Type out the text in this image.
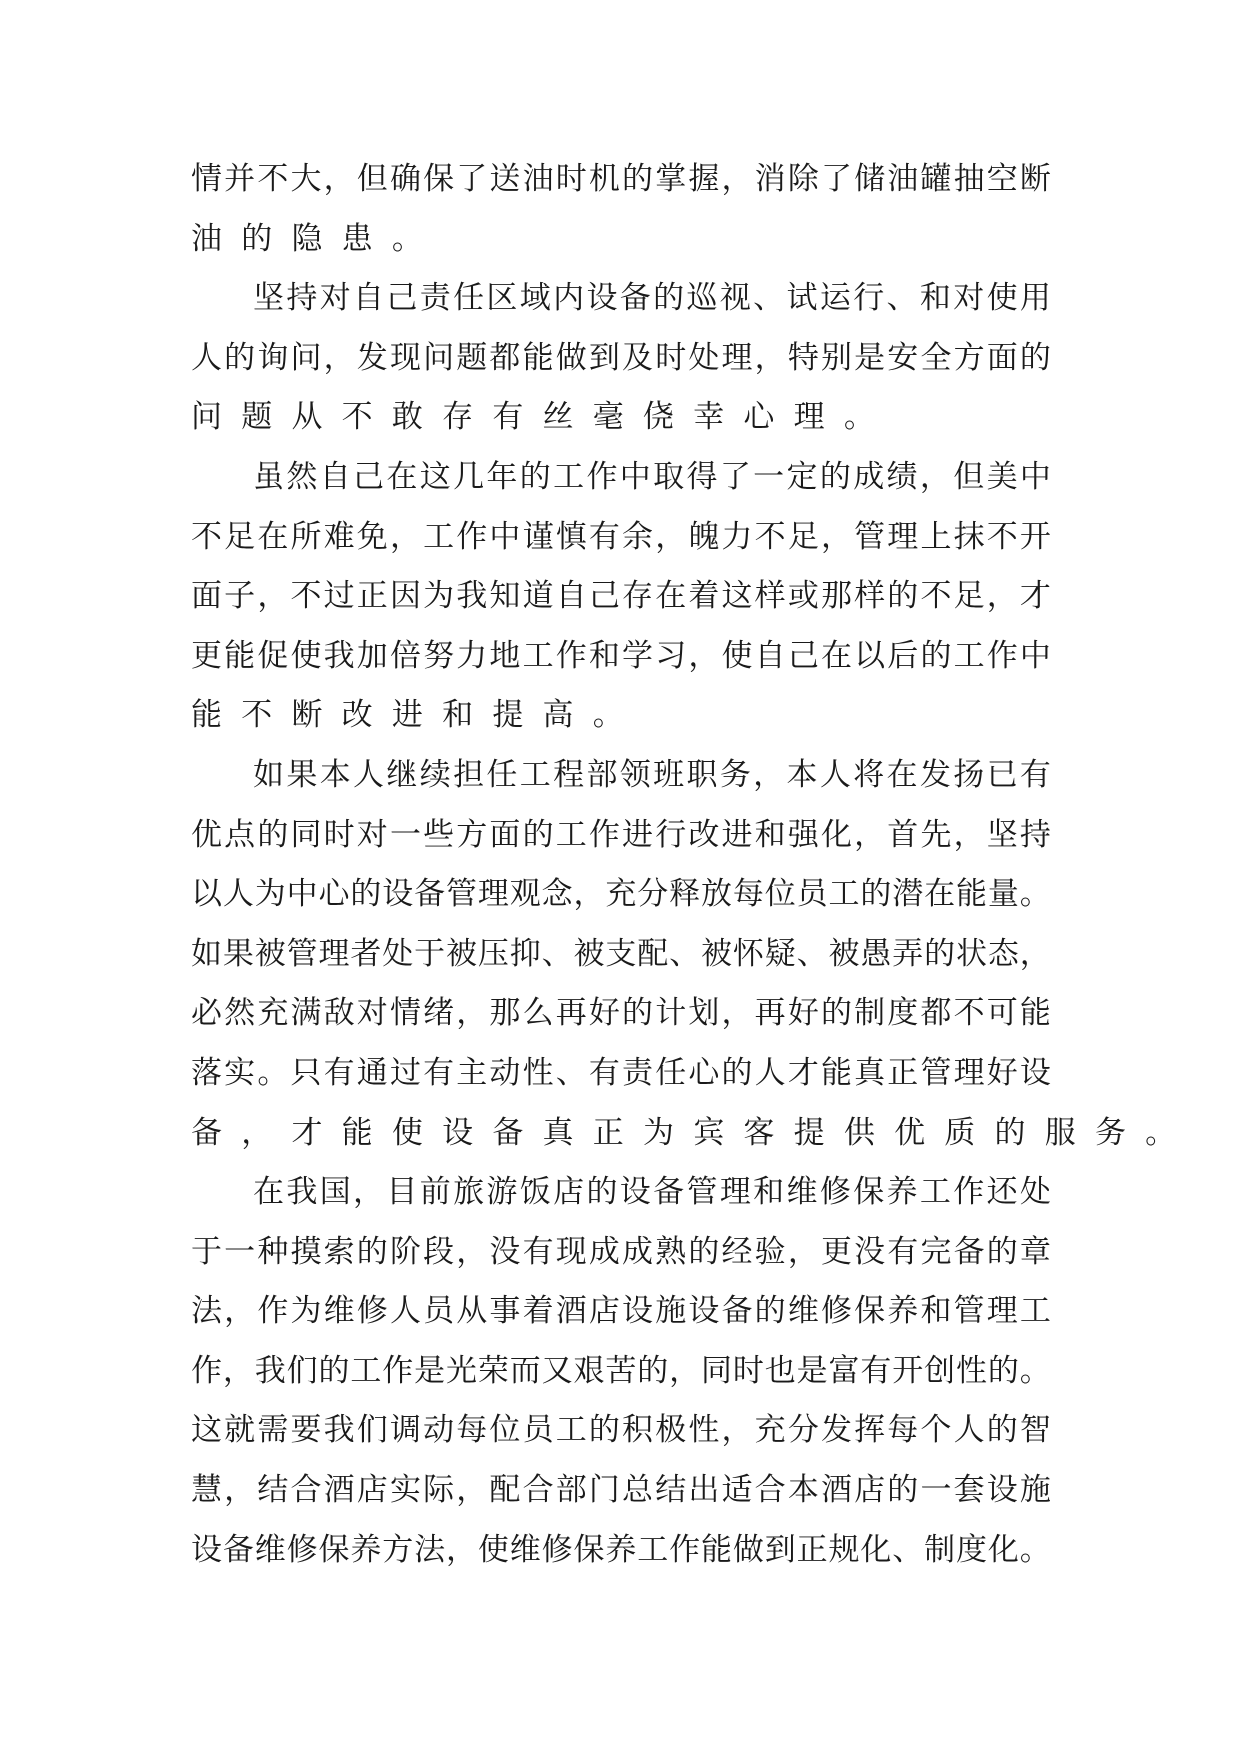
情 并 不 大 ， 但 确 保 了 送 油 时 机 的 掌 握 ， 消 除 了 储 油 罐 抽 空 断
油 的 隐 患 。
坚 持 对 自 己 责 任 区 域 内 设 备 的 巡 视 、 试 运 行 、 和 对 使 用
人 的 询 问 ， 发 现 问 题 都 能 做 到 及 时 处 理 ， 特 别 是 安 全 方 面 的
问 题 从 不 敢 存 有 丝 毫 侥 幸 心 理 。
虽 然 自 己 在 这 几 年 的 工 作 中 取 得 了 一 定 的 成 绩 ， 但 美 中
不 足 在 所 难 免 ， 工 作 中 谨 慎 有 余 ， 魄 力 不 足 ， 管 理 上 抹 不 开
面 子 ， 不 过 正 因 为 我 知 道 自 己 存 在 着 这 样 或 那 样 的 不 足 ， 才
更 能 促 使 我 加 倍 努 力 地 工 作 和 学 习 ， 使 自 己 在 以 后 的 工 作 中
能 不 断 改 进 和 提 高 。
如 果 本 人 继 续 担 任 工 程 部 领 班 职 务 ， 本 人 将 在 发 扬 已 有
优 点 的 同 时 对 一 些 方 面 的 工 作 进 行 改 进 和 强 化 ， 首 先 ， 坚 持
以 人 为 中 心 的 设 备 管 理 观 念 ， 充 分 释 放 每 位 员 工 的 潜 在 能 量 。
如 果 被 管 理 者 处 于 被 压 抑 、 被 支 配 、 被 怀 疑 、 被 愚 弄 的 状 态 ，
必 然 充 满 敌 对 情 绪 ， 那 么 再 好 的 计 划 ， 再 好 的 制 度 都 不 可 能
落 实 。 只 有 通 过 有 主 动 性 、 有 责 任 心 的 人 才 能 真 正 管 理 好 设
备 ， 才 能 使 设 备 真 正 为 宾 客 提 供 优 质 的 服 务 。
在 我 国 ， 目 前 旅 游 饭 店 的 设 备 管 理 和 维 修 保 养 工 作 还 处
于 一 种 摸 索 的 阶 段 ， 没 有 现 成 成 熟 的 经 验 ， 更 没 有 完 备 的 章
法 ， 作 为 维 修 人 员 从 事 着 酒 店 设 施 设 备 的 维 修 保 养 和 管 理 工
作 ， 我 们 的 工 作 是 光 荣 而 又 艰 苦 的 ， 同 时 也 是 富 有 开 创 性 的 。
这 就 需 要 我 们 调 动 每 位 员 工 的 积 极 性 ， 充 分 发 挥 每 个 人 的 智
慧 ， 结 合 酒 店 实 际 ， 配 合 部 门 总 结 出 适 合 本 酒 店 的 一 套 设 施
设 备 维 修 保 养 方 法 ， 使 维 修 保 养 工 作 能 做 到 正 规 化 、 制 度 化 。
